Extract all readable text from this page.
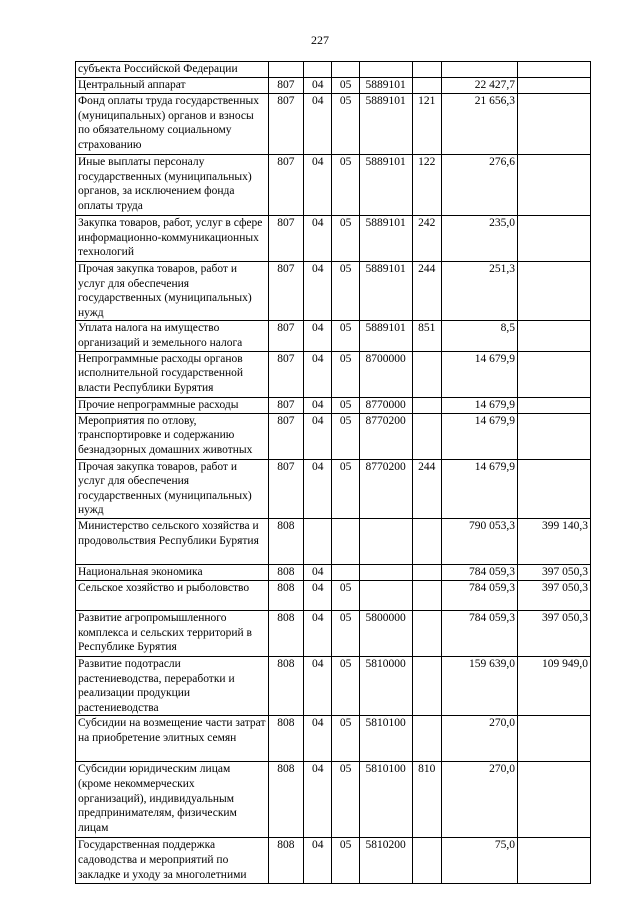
227
субъекта Российской Федерации							
Центральный аппарат	807	04	05	5889101		22 427,7	
Фонд оплаты труда государственных (муниципальных) органов и взносы по обязательному социальному страхованию	807	04	05	5889101	121	21 656,3	
Иные выплаты персоналу государственных (муниципальных) органов, за исключением фонда оплаты труда	807	04	05	5889101	122	276,6	
Закупка товаров, работ, услуг в сфере информационно-коммуникационных технологий	807	04	05	5889101	242	235,0	
Прочая закупка товаров, работ и услуг для обеспечения государственных (муниципальных) нужд	807	04	05	5889101	244	251,3	
Уплата налога на имущество организаций и земельного налога	807	04	05	5889101	851	8,5	
Непрограммные расходы органов исполнительной государственной власти Республики Бурятия	807	04	05	8700000		14 679,9	
Прочие непрограммные расходы	807	04	05	8770000		14 679,9	
Мероприятия по отлову, транспортировке и содержанию безнадзорных домашних животных	807	04	05	8770200		14 679,9	
Прочая закупка товаров, работ и услуг для обеспечения государственных (муниципальных) нужд	807	04	05	8770200	244	14 679,9	
Министерство сельского хозяйства и продовольствия Республики Бурятия	808					790 053,3	399 140,3
Национальная экономика	808	04				784 059,3	397 050,3
Сельское хозяйство и рыболовство	808	04	05			784 059,3	397 050,3
Развитие агропромышленного комплекса и сельских территорий в Республике Бурятия	808	04	05	5800000		784 059,3	397 050,3
Развитие подотрасли растениеводства, переработки и реализации продукции растениеводства	808	04	05	5810000		159 639,0	109 949,0
Субсидии на возмещение части затрат на приобретение элитных семян	808	04	05	5810100		270,0	
Субсидии юридическим лицам (кроме некоммерческих организаций), индивидуальным предпринимателям, физическим лицам	808	04	05	5810100	810	270,0	
Государственная поддержка садоводства и мероприятий по закладке и уходу за многолетними	808	04	05	5810200		75,0	
